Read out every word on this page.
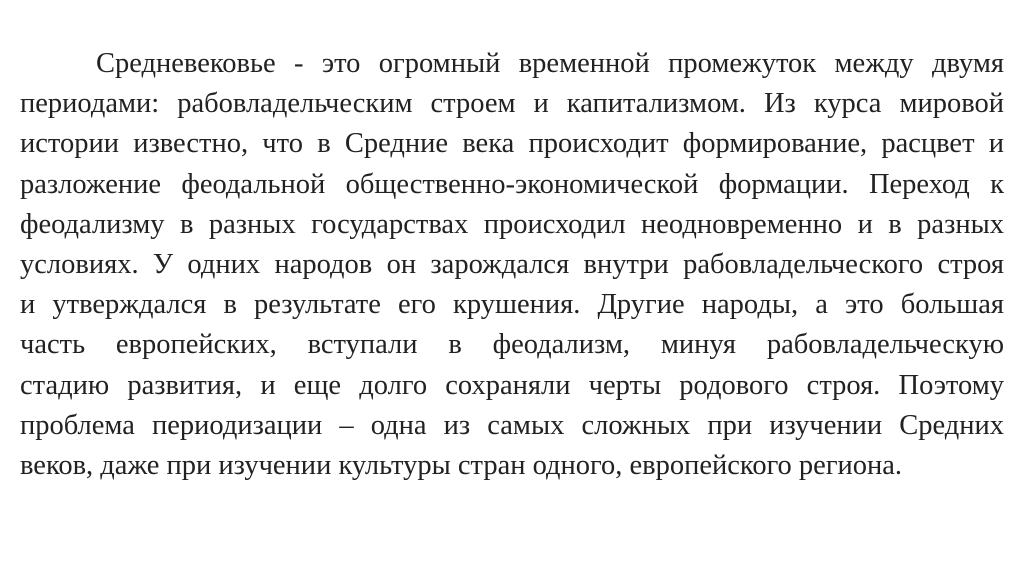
Средневековье - это огромный временной промежуток между двумя
периодами: рабовладельческим строем и капитализмом. Из курса мировой
истории известно, что в Средние века происходит формирование, расцвет и
разложение феодальной общественно-экономической формации. Переход к
феодализму в разных государствах происходил неодновременно и в разных
условиях. У одних народов он зарождался внутри рабовладельческого строя
и утверждался в результате его крушения. Другие народы, а это большая
часть европейских, вступали в феодализм, минуя рабовладельческую
стадию развития, и еще долго сохраняли черты родового строя. Поэтому
проблема периодизации – одна из самых сложных при изучении Средних
веков, даже при изучении культуры стран одного, европейского региона.
